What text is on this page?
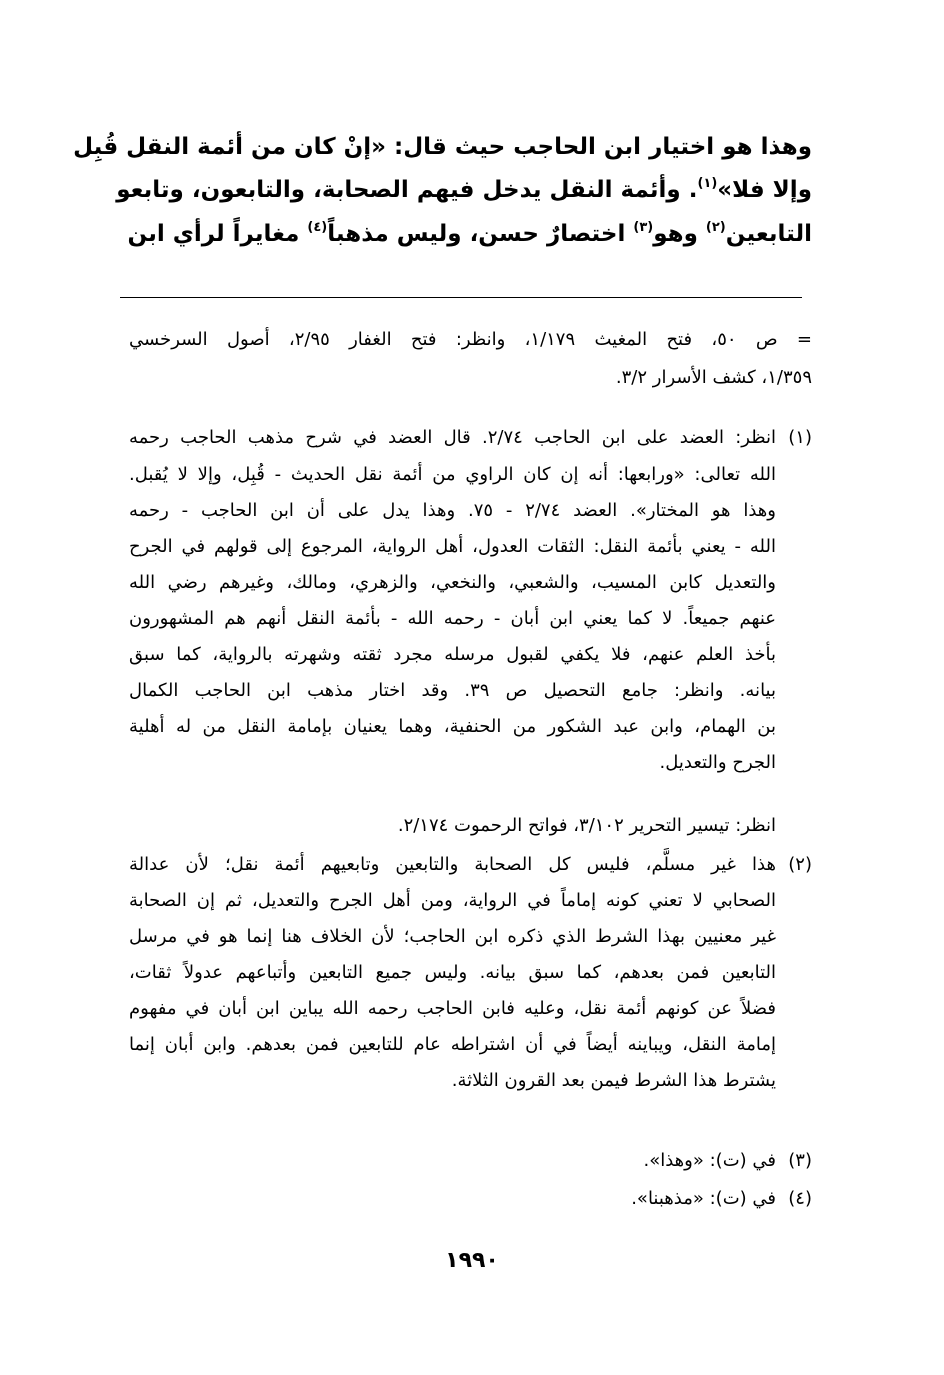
وهذا هو اختيار ابن الحاجب حيث قال: «إنْ كان من أئمة النقل قُبِل
وإلا فلا»$^{(١)}$. وأئمة النقل يدخل فيهم الصحابة، والتابعون، وتابعو
التابعين$^{(٢)}$ وهو$^{(٣)}$ اختصارٌ حسن، وليس مذهباً$^{(٤)}$ مغايراً لرأي ابن
= ص ٥٠، فتح المغيث ١/١٧٩، وانظر: فتح الغفار ٢/٩٥، أصول السرخسي
١/٣٥٩، كشف الأسرار ٣/٢.
(١)
انظر: العضد على ابن الحاجب ٢/٧٤. قال العضد في شرح مذهب الحاجب رحمه
الله تعالى: «ورابعها: أنه إن كان الراوي من أئمة نقل الحديث - قُبِل، وإلا لا يُقبل.
وهذا هو المختار». العضد ٢/٧٤ - ٧٥. وهذا يدل على أن ابن الحاجب - رحمه
الله - يعني بأئمة النقل: الثقات العدول، أهل الرواية، المرجوع إلى قولهم في الجرح
والتعديل كابن المسيب، والشعبي، والنخعي، والزهري، ومالك، وغيرهم رضي الله
عنهم جميعاً. لا كما يعني ابن أبان - رحمه الله - بأئمة النقل أنهم هم المشهورون
بأخذ العلم عنهم، فلا يكفي لقبول مرسله مجرد ثقته وشهرته بالرواية، كما سبق
بيانه. وانظر: جامع التحصيل ص ٣٩. وقد اختار مذهب ابن الحاجب الكمال
بن الهمام، وابن عبد الشكور من الحنفية، وهما يعنيان بإمامة النقل من له أهلية
الجرح والتعديل.
انظر: تيسير التحرير ٣/١٠٢، فواتح الرحموت ٢/١٧٤.
(٢)
هذا غير مسلَّم، فليس كل الصحابة والتابعين وتابعيهم أئمة نقل؛ لأن عدالة
الصحابي لا تعني كونه إماماً في الرواية، ومن أهل الجرح والتعديل، ثم إن الصحابة
غير معنيين بهذا الشرط الذي ذكره ابن الحاجب؛ لأن الخلاف هنا إنما هو في مرسل
التابعين فمن بعدهم، كما سبق بيانه. وليس جميع التابعين وأتباعهم عدولاً ثقات،
فضلاً عن كونهم أئمة نقل، وعليه فابن الحاجب رحمه الله يباين ابن أبان في مفهوم
إمامة النقل، ويباينه أيضاً في أن اشتراطه عام للتابعين فمن بعدهم. وابن أبان إنما
يشترط هذا الشرط فيمن بعد القرون الثلاثة.
(٣)
في (ت): «وهذا».
(٤)
في (ت): «مذهبنا».
١٩٩٠
